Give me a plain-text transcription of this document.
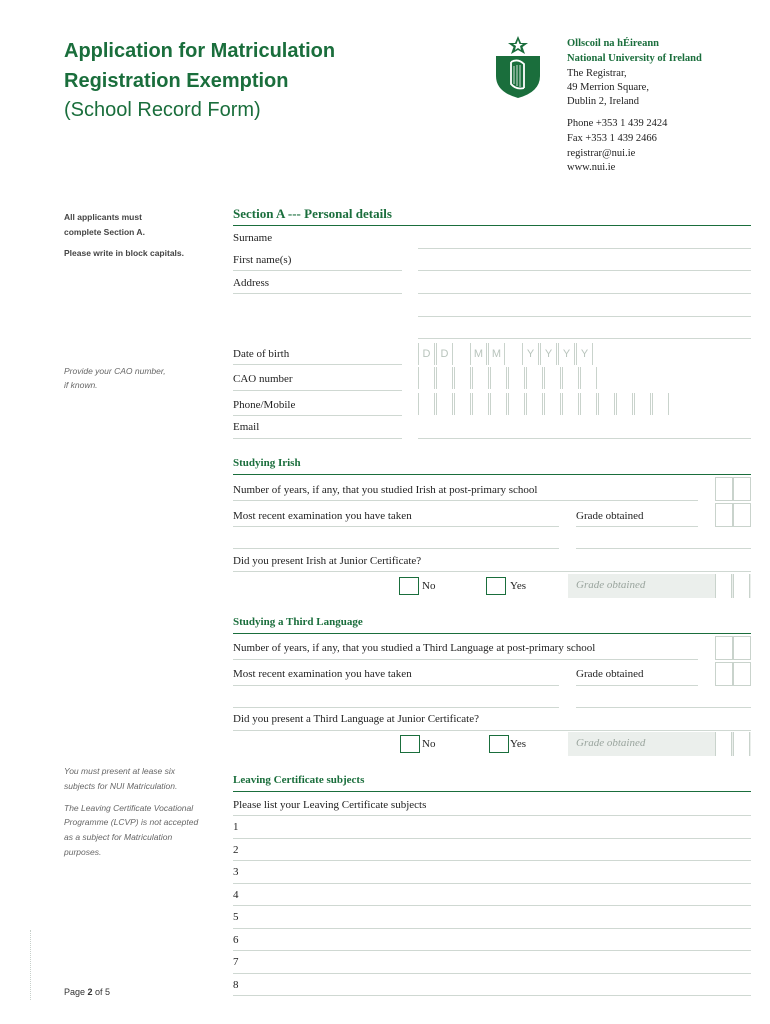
Application for Matriculation
Registration Exemption
(School Record Form)
Ollscoil na hÉireann
National University of Ireland
The Registrar,
49 Merrion Square,
Dublin 2, Ireland
Phone +353 1 439 2424
Fax +353 1 439 2466
registrar@nui.ie
www.nui.ie
All applicants must
complete Section A.
Please write in block capitals.
Provide your CAO number,
if known.
You must present at lease six
subjects for NUI Matriculation.
The Leaving Certificate Vocational
Programme (LCVP) is not accepted
as a subject for Matriculation
purposes.
Section A --- Personal details
Surname
First name(s)
Address
Date of birth	D D	M M	Y Y Y Y
CAO number
Phone/Mobile
Email
Studying Irish
Number of years, if any, that you studied Irish at post-primary school
Most recent examination you have taken	Grade obtained
Did you present Irish at Junior Certificate?
No	Yes	Grade obtained
Studying a Third Language
Number of years, if any, that you studied a Third Language at post-primary school
Most recent examination you have taken	Grade obtained
Did you present a Third Language at Junior Certificate?
No	Yes	Grade obtained
Leaving Certificate subjects
Please list your Leaving Certificate subjects
1
2
3
4
5
6
7
8
Page 2 of 5
